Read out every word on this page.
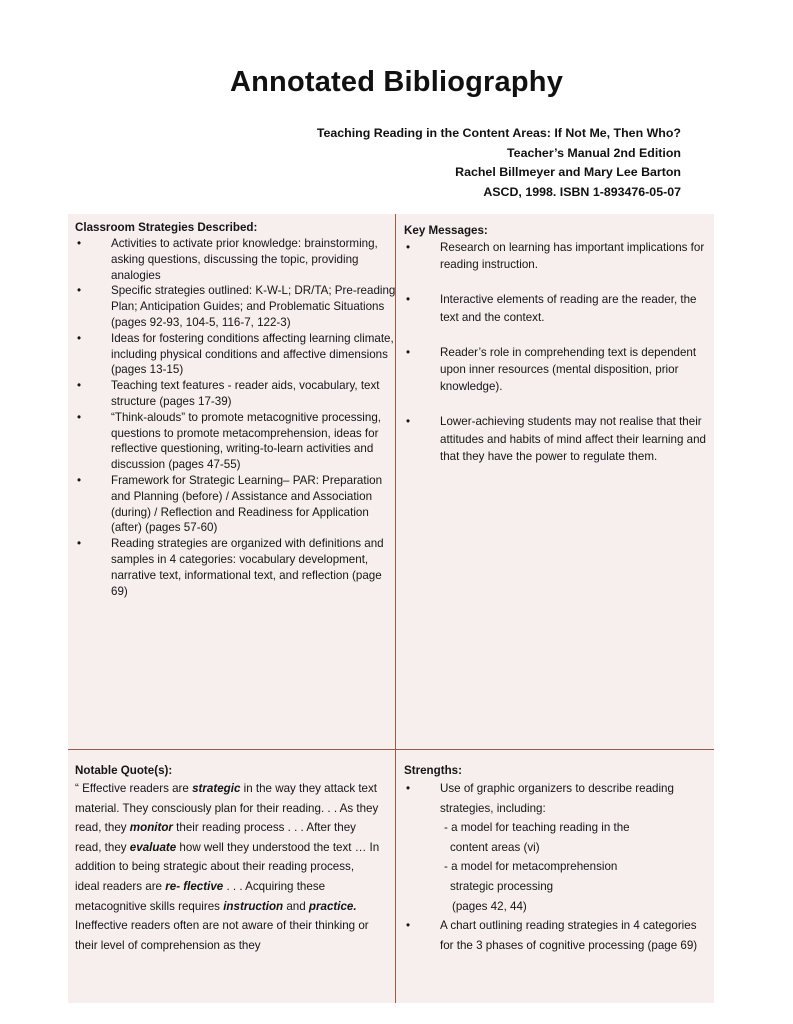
Annotated Bibliography
Teaching Reading in the Content Areas: If Not Me, Then Who?
Teacher’s Manual 2nd Edition
Rachel Billmeyer and Mary Lee Barton
ASCD, 1998. ISBN 1-893476-05-07
Classroom Strategies Described:
• Activities to activate prior knowledge: brainstorming, asking questions, discussing the topic, providing analogies
• Specific strategies outlined: K-W-L; DR/TA; Pre-reading Plan; Anticipation Guides; and Problematic Situations (pages 92-93, 104-5, 116-7, 122-3)
• Ideas for fostering conditions affecting learning climate, including physical conditions and affective dimensions (pages 13-15)
• Teaching text features - reader aids, vocabulary, text structure (pages 17-39)
• “Think-alouds” to promote metacognitive processing, questions to promote metacomprehension, ideas for reflective questioning, writing-to-learn activities and discussion (pages 47-55)
• Framework for Strategic Learning– PAR: Preparation and Planning (before) / Assistance and Association (during) / Reflection and Readiness for Application (after) (pages 57-60)
• Reading strategies are organized with definitions and samples in 4 categories: vocabulary development, narrative text, informational text, and reflection (page 69)
Key Messages:
• Research on learning has important implications for reading instruction.
• Interactive elements of reading are the reader, the text and the context.
• Reader’s role in comprehending text is dependent upon inner resources (mental disposition, prior knowledge).
• Lower-achieving students may not realise that their attitudes and habits of mind affect their learning and that they have the power to regulate them.
Notable Quote(s):

“ Effective readers are strategic in the way they attack text material. They consciously plan for their reading. . . As they read, they monitor their reading process . . . After they read, they evaluate how well they understood the text … In addition to being strategic about their reading process, ideal readers are re- flective . . . Acquiring these metacognitive skills requires instruction and practice.

Ineffective readers often are not aware of their thinking or their level of comprehension as they

Strengths:
• Use of graphic organizers to describe reading strategies, including:
- a model for teaching reading in the
content areas (vi)
- a model for metacomprehension
strategic processing
(pages 42, 44)
• A chart outlining reading strategies in 4 categories for the 3 phases of cognitive processing (page 69)
